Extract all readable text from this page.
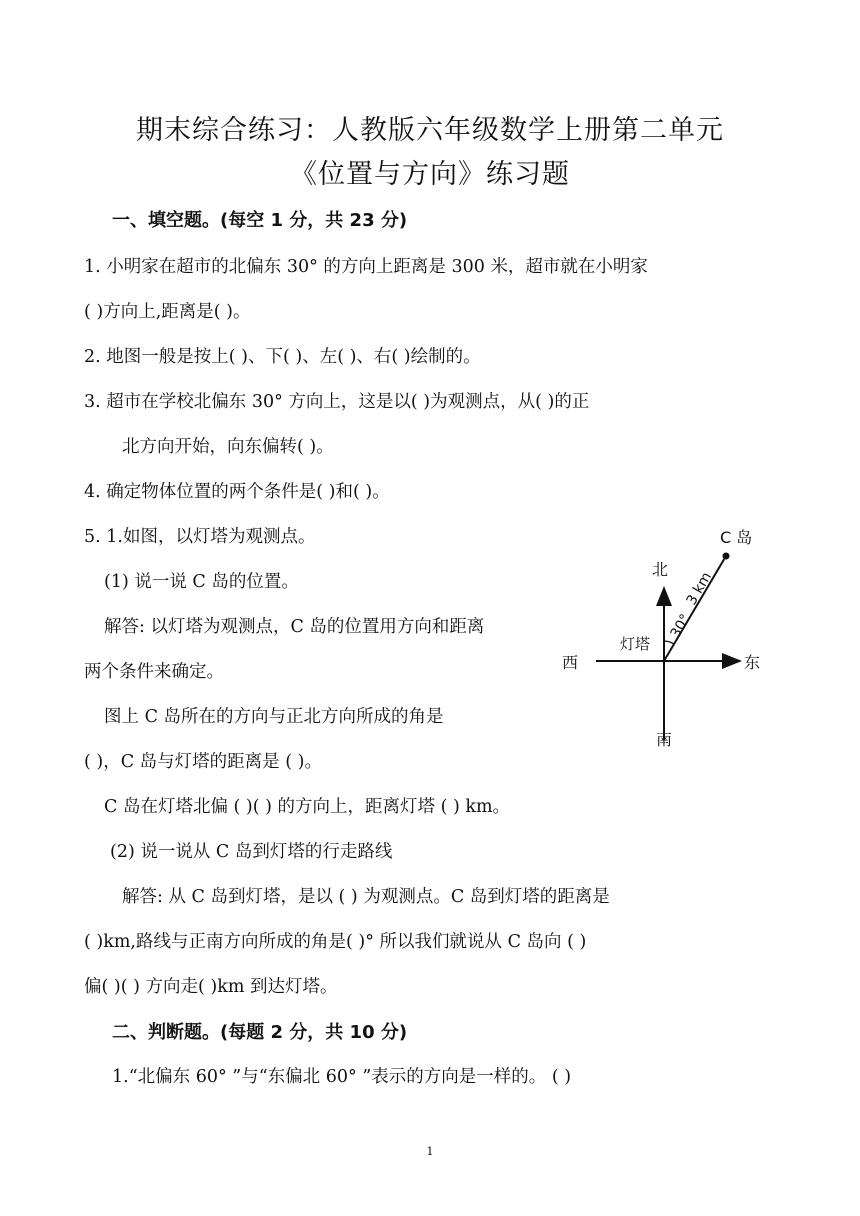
期末综合练习：人教版六年级数学上册第二单元
《位置与方向》练习题
一、填空题。(每空 1 分，共 23 分)
1. 小明家在超市的北偏东 30° 的方向上距离是 300 米，超市就在小明家
( )方向上,距离是( )。
2. 地图一般是按上( )、下( )、左( )、右( )绘制的。
3. 超市在学校北偏东 30° 方向上，这是以( )为观测点，从( )的正
北方向开始，向东偏转( )。
4. 确定物体位置的两个条件是( )和( )。
5. 1.如图，以灯塔为观测点。
(1) 说一说 C 岛的位置。
解答: 以灯塔为观测点，C 岛的位置用方向和距离
两个条件来确定。
图上 C 岛所在的方向与正北方向所成的角是
( )，C 岛与灯塔的距离是 ( )。
C 岛在灯塔北偏 ( )( ) 的方向上，距离灯塔 ( ) km。
(2) 说一说从 C 岛到灯塔的行走路线
解答: 从 C 岛到灯塔，是以 ( ) 为观测点。C 岛到灯塔的距离是
( )km,路线与正南方向所成的角是( )° 所以我们就说从 C 岛向 ( )
偏( )( ) 方向走( )km 到达灯塔。
二、判断题。(每题 2 分，共 10 分)
1.“北偏东 60° ”与“东偏北 60° ”表示的方向是一样的。 ( )
1
北
南
东
西
灯塔
C 岛
30°
3 km
